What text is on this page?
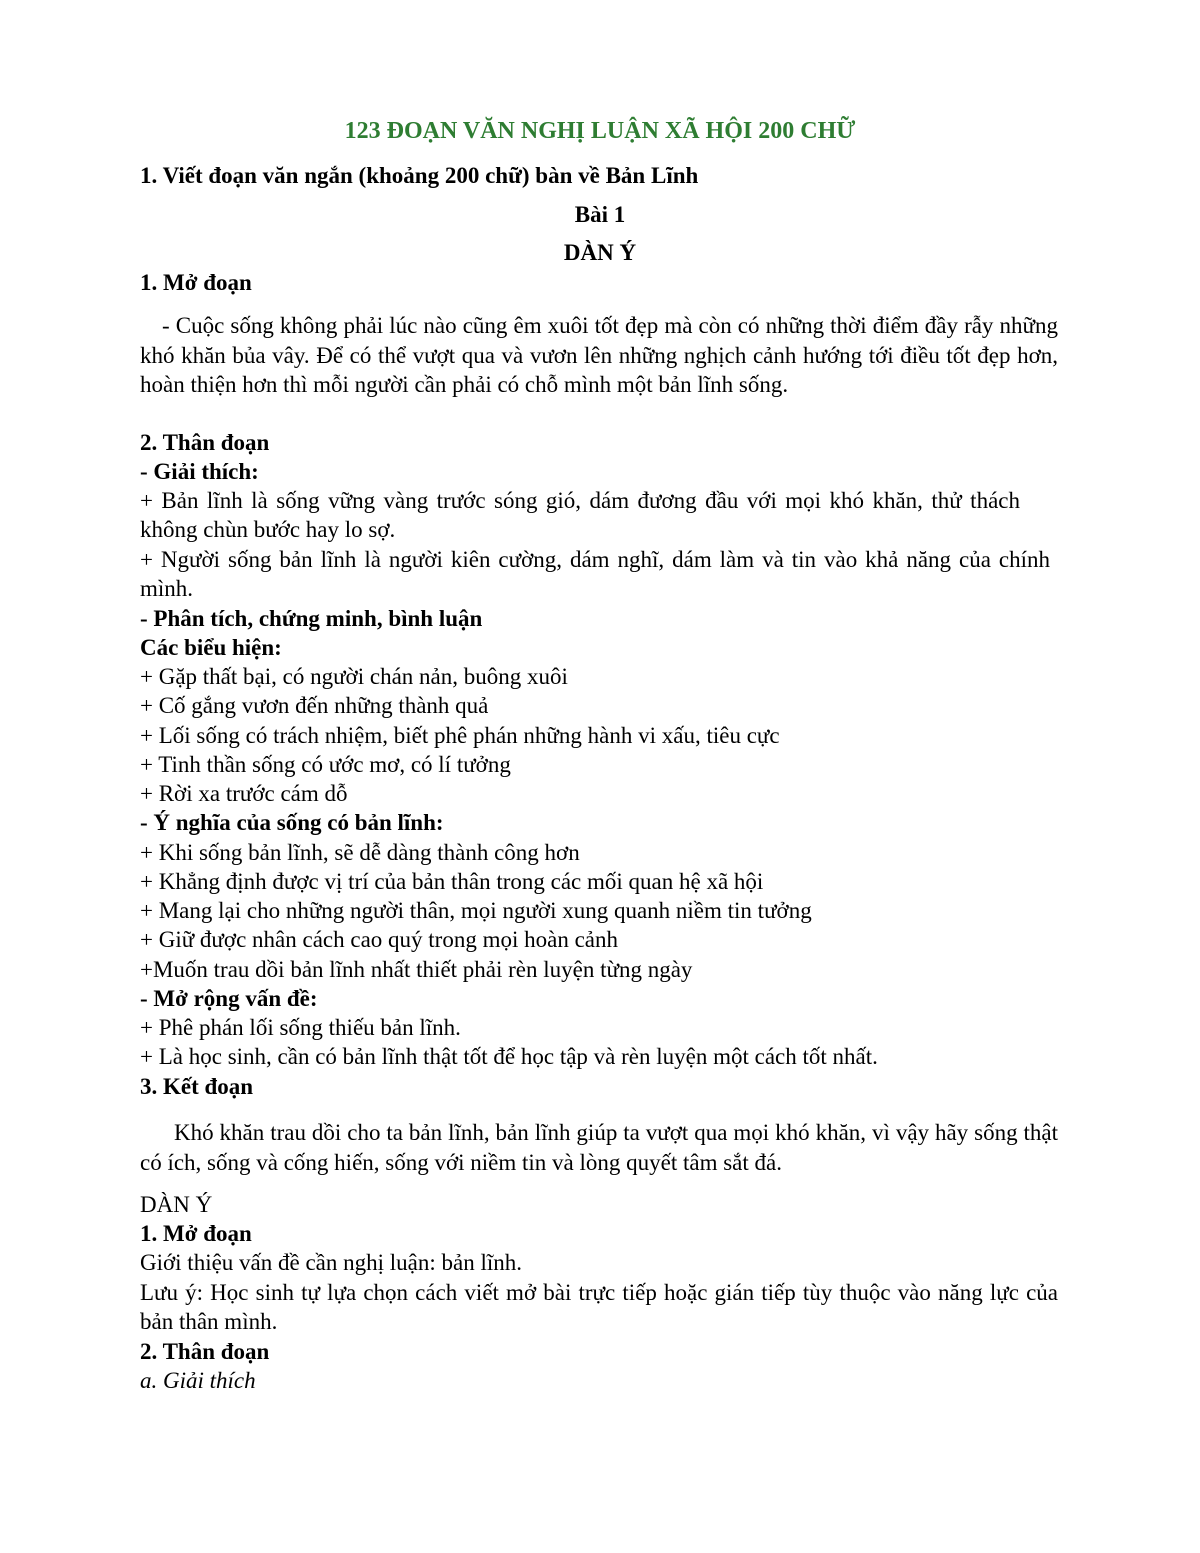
123 ĐOẠN VĂN NGHỊ LUẬN XÃ HỘI 200 CHỮ
1. Viết đoạn văn ngắn (khoảng 200 chữ) bàn về Bản Lĩnh
Bài 1
DÀN Ý
1. Mở đoạn
- Cuộc sống không phải lúc nào cũng êm xuôi tốt đẹp mà còn có những thời điểm đầy rẫy những khó khăn bủa vây. Để có thể vượt qua và vươn lên những nghịch cảnh hướng tới điều tốt đẹp hơn, hoàn thiện hơn thì mỗi người cần phải có chỗ mình một bản lĩnh sống.
2. Thân đoạn
- Giải thích:
+ Bản lĩnh là sống vững vàng trước sóng gió, dám đương đầu với mọi khó khăn, thử thách không chùn bước hay lo sợ.
+ Người sống bản lĩnh là người kiên cường, dám nghĩ, dám làm và tin vào khả năng của chính mình.
- Phân tích, chứng minh, bình luận
Các biểu hiện:
+ Gặp thất bại, có người chán nản, buông xuôi
+ Cố gắng vươn đến những thành quả
+ Lối sống có trách nhiệm, biết phê phán những hành vi xấu, tiêu cực
+ Tinh thần sống có ước mơ, có lí tưởng
+ Rời xa trước cám dỗ
- Ý nghĩa của sống có bản lĩnh:
+ Khi sống bản lĩnh, sẽ dễ dàng thành công hơn
+ Khẳng định được vị trí của bản thân trong các mối quan hệ xã hội
+ Mang lại cho những người thân, mọi người xung quanh niềm tin tưởng
+ Giữ được nhân cách cao quý trong mọi hoàn cảnh
+Muốn trau dồi bản lĩnh nhất thiết phải rèn luyện từng ngày
- Mở rộng vấn đề:
+ Phê phán lối sống thiếu bản lĩnh.
+ Là học sinh, cần có bản lĩnh thật tốt để học tập và rèn luyện một cách tốt nhất.
3. Kết đoạn
Khó khăn trau dồi cho ta bản lĩnh, bản lĩnh giúp ta vượt qua mọi khó khăn, vì vậy hãy sống thật có ích, sống và cống hiến, sống với niềm tin và lòng quyết tâm sắt đá.
DÀN Ý
1. Mở đoạn
Giới thiệu vấn đề cần nghị luận: bản lĩnh.
Lưu ý: Học sinh tự lựa chọn cách viết mở bài trực tiếp hoặc gián tiếp tùy thuộc vào năng lực của bản thân mình.
2. Thân đoạn
a. Giải thích
